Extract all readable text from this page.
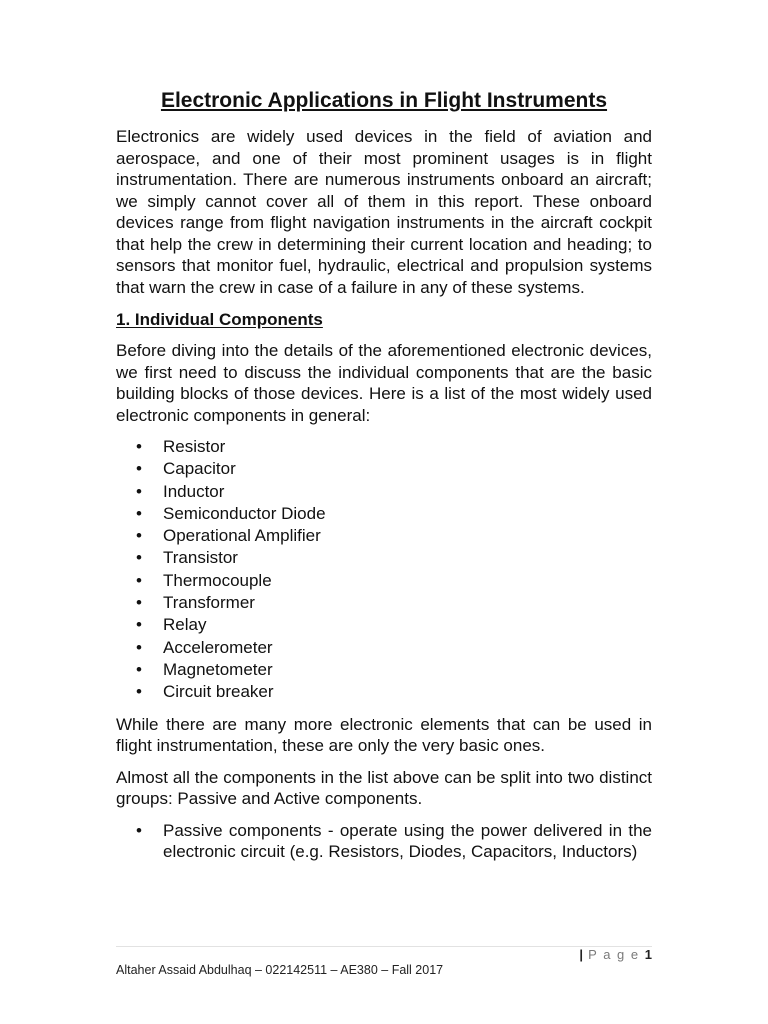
Electronic Applications in Flight Instruments

Electronics are widely used devices in the field of aviation and aerospace, and one of their most prominent usages is in flight instrumentation. There are numerous instruments onboard an aircraft; we simply cannot cover all of them in this report. These onboard devices range from flight navigation instruments in the aircraft cockpit that help the crew in determining their current location and heading; to sensors that monitor fuel, hydraulic, electrical and propulsion systems that warn the crew in case of a failure in any of these systems.

1. Individual Components

Before diving into the details of the aforementioned electronic devices, we first need to discuss the individual components that are the basic building blocks of those devices. Here is a list of the most widely used electronic components in general:

• Resistor
• Capacitor
• Inductor
• Semiconductor Diode
• Operational Amplifier
• Transistor
• Thermocouple
• Transformer
• Relay
• Accelerometer
• Magnetometer
• Circuit breaker

While there are many more electronic elements that can be used in flight instrumentation, these are only the very basic ones.

Almost all the components in the list above can be split into two distinct groups: Passive and Active components.

• Passive components - operate using the power delivered in the electronic circuit (e.g. Resistors, Diodes, Capacitors, Inductors)
| P a g e 1
Altaher Assaid Abdulhaq – 022142511 – AE380 – Fall 2017
